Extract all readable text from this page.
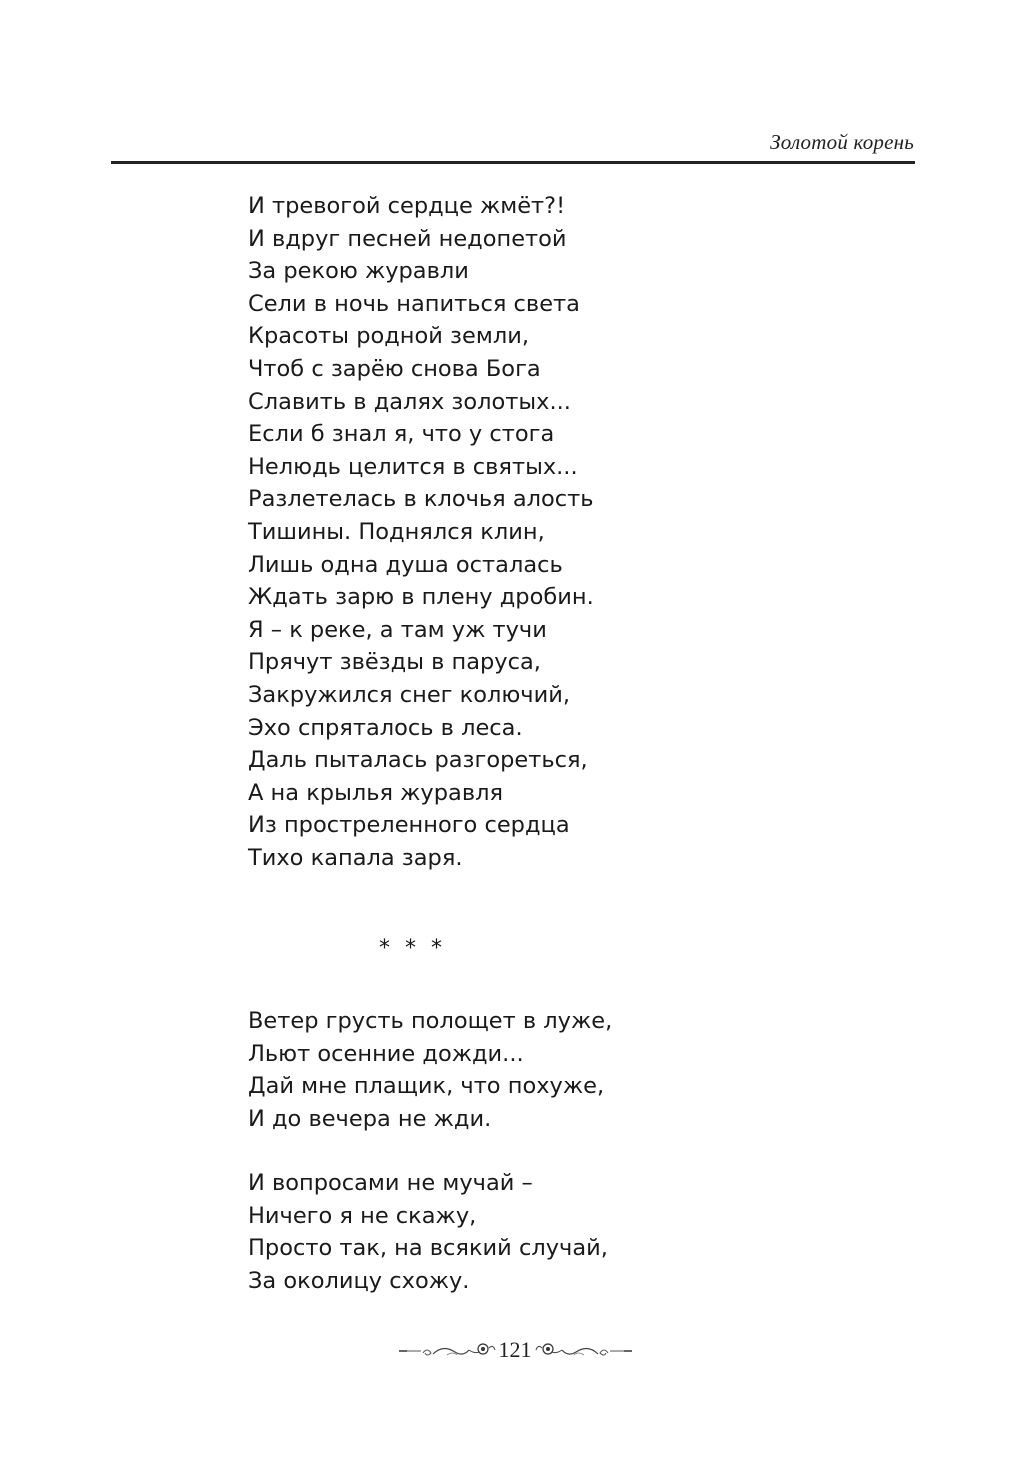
Золотой корень
И тревогой сердце жмёт?!
И вдруг песней недопетой
За рекою журавли
Сели в ночь напиться света
Красоты родной земли,
Чтоб с зарёю снова Бога
Славить в далях золотых...
Если б знал я, что у стога
Нелюдь целится в святых...
Разлетелась в клочья алость
Тишины. Поднялся клин,
Лишь одна душа осталась
Ждать зарю в плену дробин.
Я – к реке, а там уж тучи
Прячут звёзды в паруса,
Закружился снег колючий,
Эхо спряталось в леса.
Даль пыталась разгореться,
А на крылья журавля
Из простреленного сердца
Тихо капала заря.
* * *
Ветер грусть полощет в луже,
Льют осенние дожди...
Дай мне плащик, что похуже,
И до вечера не жди.
И вопросами не мучай –
Ничего я не скажу,
Просто так, на всякий случай,
За околицу схожу.
121
